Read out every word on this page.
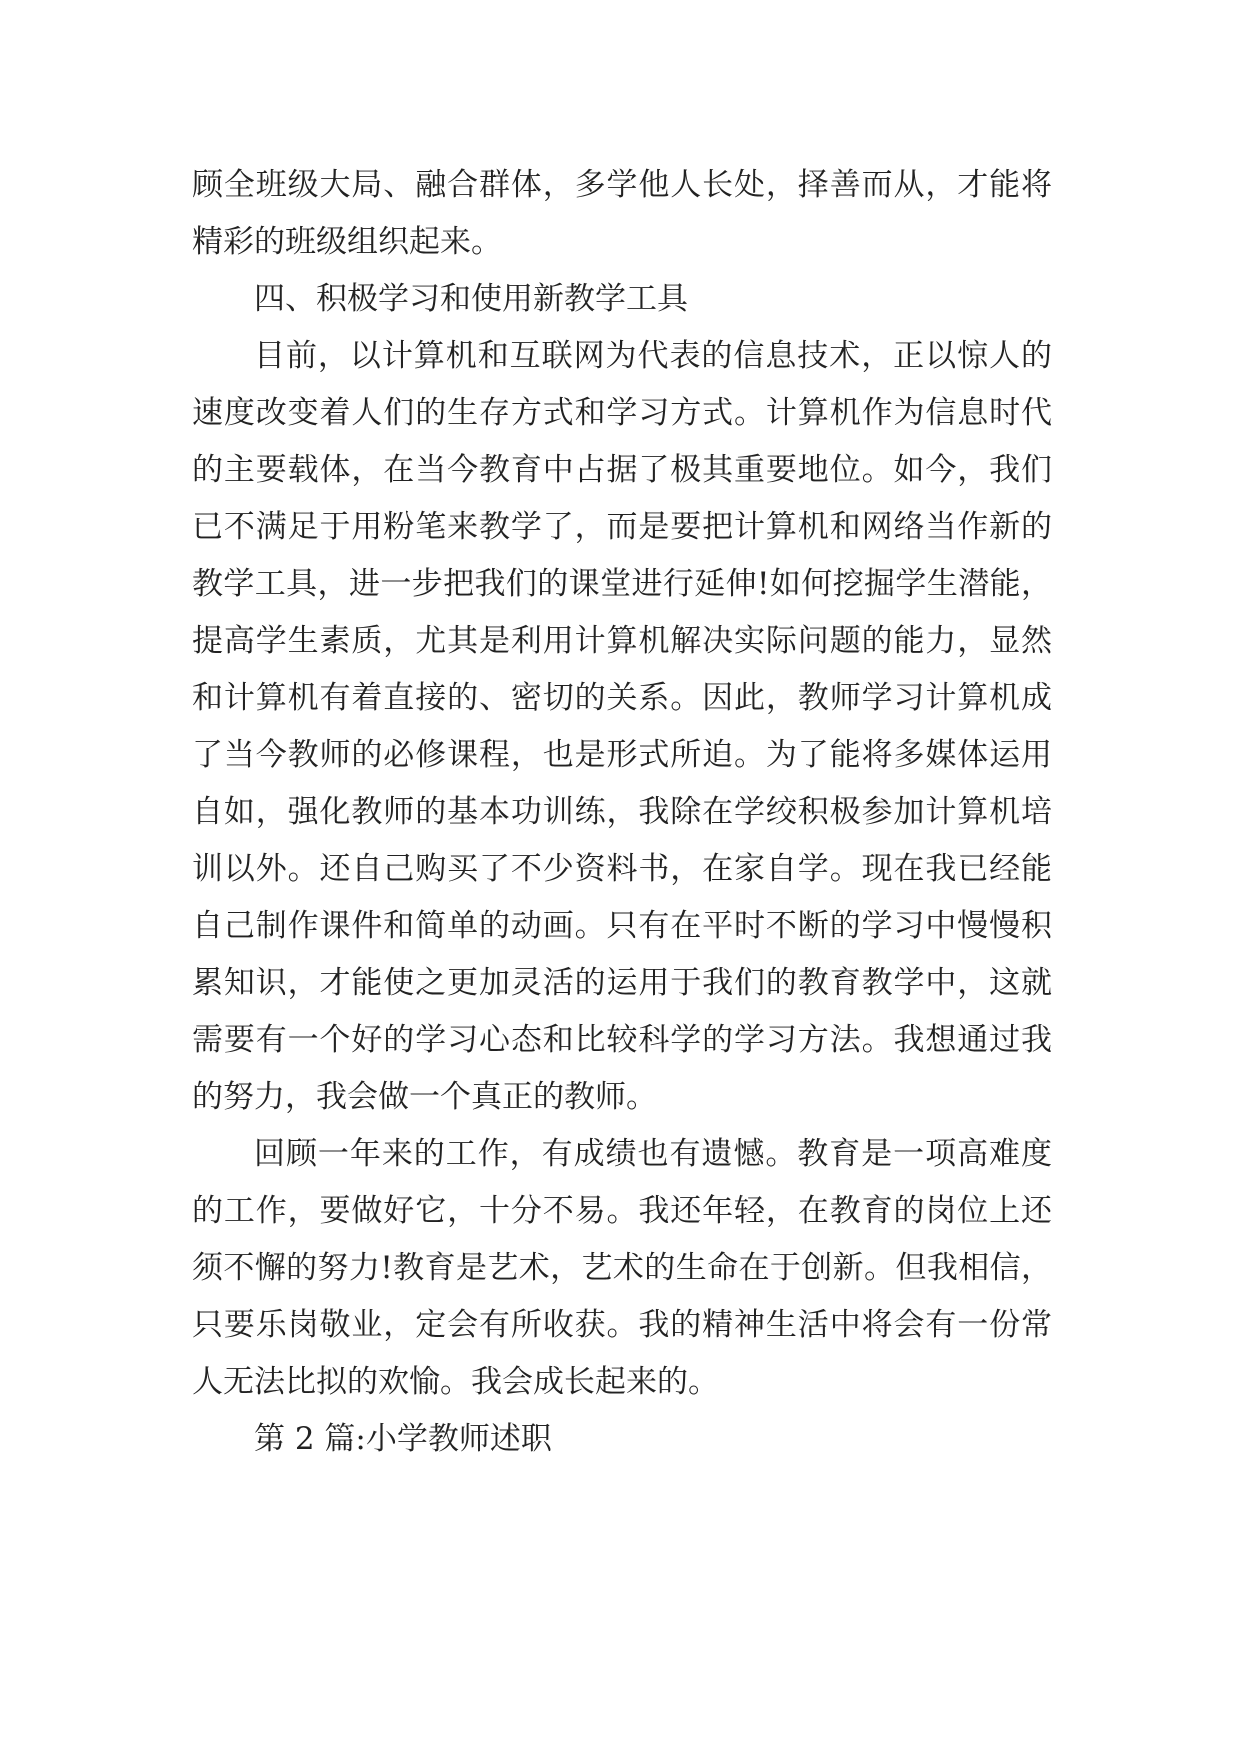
顾全班级大局、融合群体，多学他人长处，择善而从，才能将精彩的班级组织起来。

四、积极学习和使用新教学工具

目前，以计算机和互联网为代表的信息技术，正以惊人的速度改变着人们的生存方式和学习方式。计算机作为信息时代的主要载体，在当今教育中占据了极其重要地位。如今，我们已不满足于用粉笔来教学了，而是要把计算机和网络当作新的教学工具，进一步把我们的课堂进行延伸!如何挖掘学生潜能，提高学生素质，尤其是利用计算机解决实际问题的能力，显然和计算机有着直接的、密切的关系。因此，教师学习计算机成了当今教师的必修课程，也是形式所迫。为了能将多媒体运用自如，强化教师的基本功训练，我除在学绞积极参加计算机培训以外。还自己购买了不少资料书，在家自学。现在我已经能自己制作课件和简单的动画。只有在平时不断的学习中慢慢积累知识，才能使之更加灵活的运用于我们的教育教学中，这就需要有一个好的学习心态和比较科学的学习方法。我想通过我的努力，我会做一个真正的教师。

回顾一年来的工作，有成绩也有遗憾。教育是一项高难度的工作，要做好它，十分不易。我还年轻，在教育的岗位上还须不懈的努力!教育是艺术，艺术的生命在于创新。但我相信，只要乐岗敬业，定会有所收获。我的精神生活中将会有一份常人无法比拟的欢愉。我会成长起来的。

第 2 篇:小学教师述职
